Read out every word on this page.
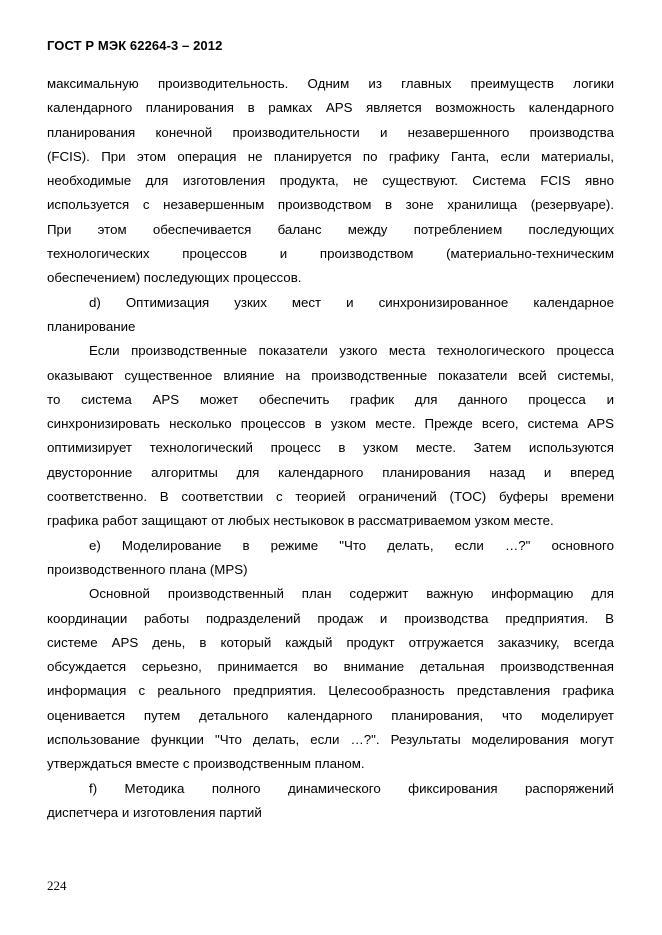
ГОСТ Р МЭК 62264-3 – 2012
максимальную производительность. Одним из главных преимуществ логики
календарного планирования в рамках APS является возможность календарного
планирования конечной производительности и незавершенного производства
(FCIS). При этом операция не планируется по графику Ганта, если материалы,
необходимые для изготовления продукта, не существуют. Система FCIS явно
используется с незавершенным производством в зоне хранилища (резервуаре).
При этом обеспечивается баланс между потреблением последующих
технологических процессов и производством (материально-техническим
обеспечением) последующих процессов.
d) Оптимизация узких мест и синхронизированное календарное
планирование
Если производственные показатели узкого места технологического процесса
оказывают существенное влияние на производственные показатели всей системы,
то система APS может обеспечить график для данного процесса и
синхронизировать несколько процессов в узком месте. Прежде всего, система APS
оптимизирует технологический процесс в узком месте. Затем используются
двусторонние алгоритмы для календарного планирования назад и вперед
соответственно. В соответствии с теорией ограничений (TOC) буферы времени
графика работ защищают от любых нестыковок в рассматриваемом узком месте.
e) Моделирование в режиме "Что делать, если …?" основного
производственного плана (MPS)
Основной производственный план содержит важную информацию для
координации работы подразделений продаж и производства предприятия. В
системе APS день, в который каждый продукт отгружается заказчику, всегда
обсуждается серьезно, принимается во внимание детальная производственная
информация с реального предприятия. Целесообразность представления графика
оценивается путем детального календарного планирования, что моделирует
использование функции "Что делать, если …?". Результаты моделирования могут
утверждаться вместе с производственным планом.
f) Методика полного динамического фиксирования распоряжений
диспетчера и изготовления партий
224
